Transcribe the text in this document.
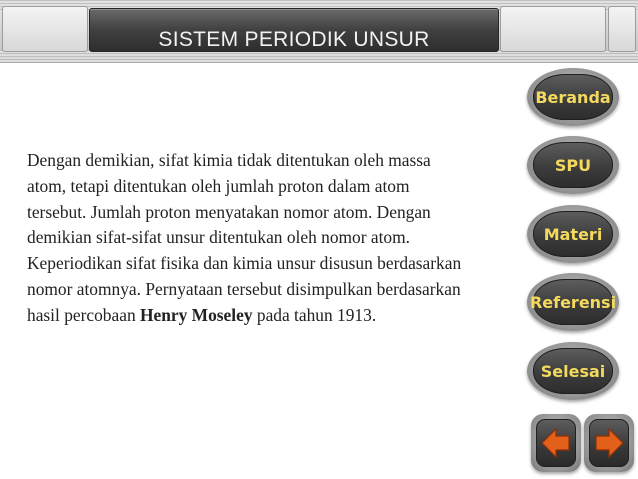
SISTEM PERIODIK UNSUR
Dengan demikian, sifat kimia tidak ditentukan oleh massa atom, tetapi ditentukan oleh jumlah proton dalam atom tersebut. Jumlah proton menyatakan nomor atom. Dengan demikian sifat-sifat unsur ditentukan oleh nomor atom. Keperiodikan sifat fisika dan kimia unsur disusun berdasarkan nomor atomnya. Pernyataan tersebut disimpulkan berdasarkan hasil percobaan Henry Moseley pada tahun 1913.
Beranda
SPU
Materi
Referensi
Selesai
